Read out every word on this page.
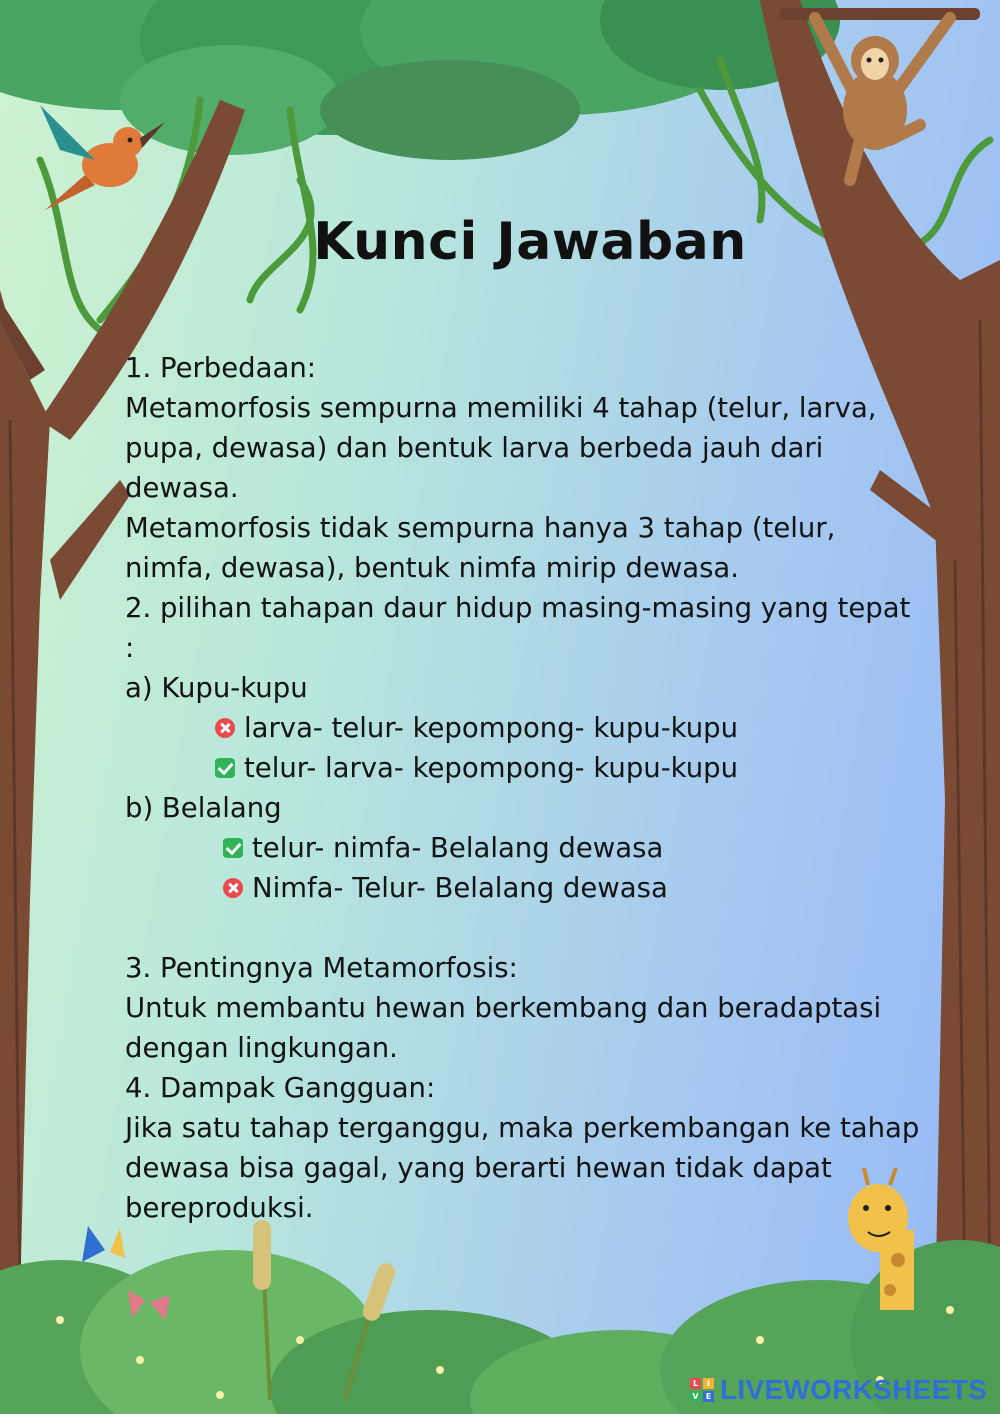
Kunci Jawaban

1. Perbedaan:

Metamorfosis sempurna memiliki 4 tahap (telur, larva, pupa, dewasa) dan bentuk larva berbeda jauh dari dewasa.

Metamorfosis tidak sempurna hanya 3 tahap (telur, nimfa, dewasa), bentuk nimfa mirip dewasa.

2. pilihan tahapan daur hidup masing-masing yang tepat :

a) Kupu-kupu

larva- telur- kepompong- kupu-kupu
telur- larva- kepompong- kupu-kupu

b) Belalang

telur- nimfa- Belalang dewasa
Nimfa- Telur- Belalang dewasa

3. Pentingnya Metamorfosis:

Untuk membantu hewan berkembang dan beradaptasi dengan lingkungan.

4. Dampak Gangguan:

Jika satu tahap terganggu, maka perkembangan ke tahap dewasa bisa gagal, yang berarti hewan tidak dapat bereproduksi.

L	I
V E LIVEWORKSHEETS
